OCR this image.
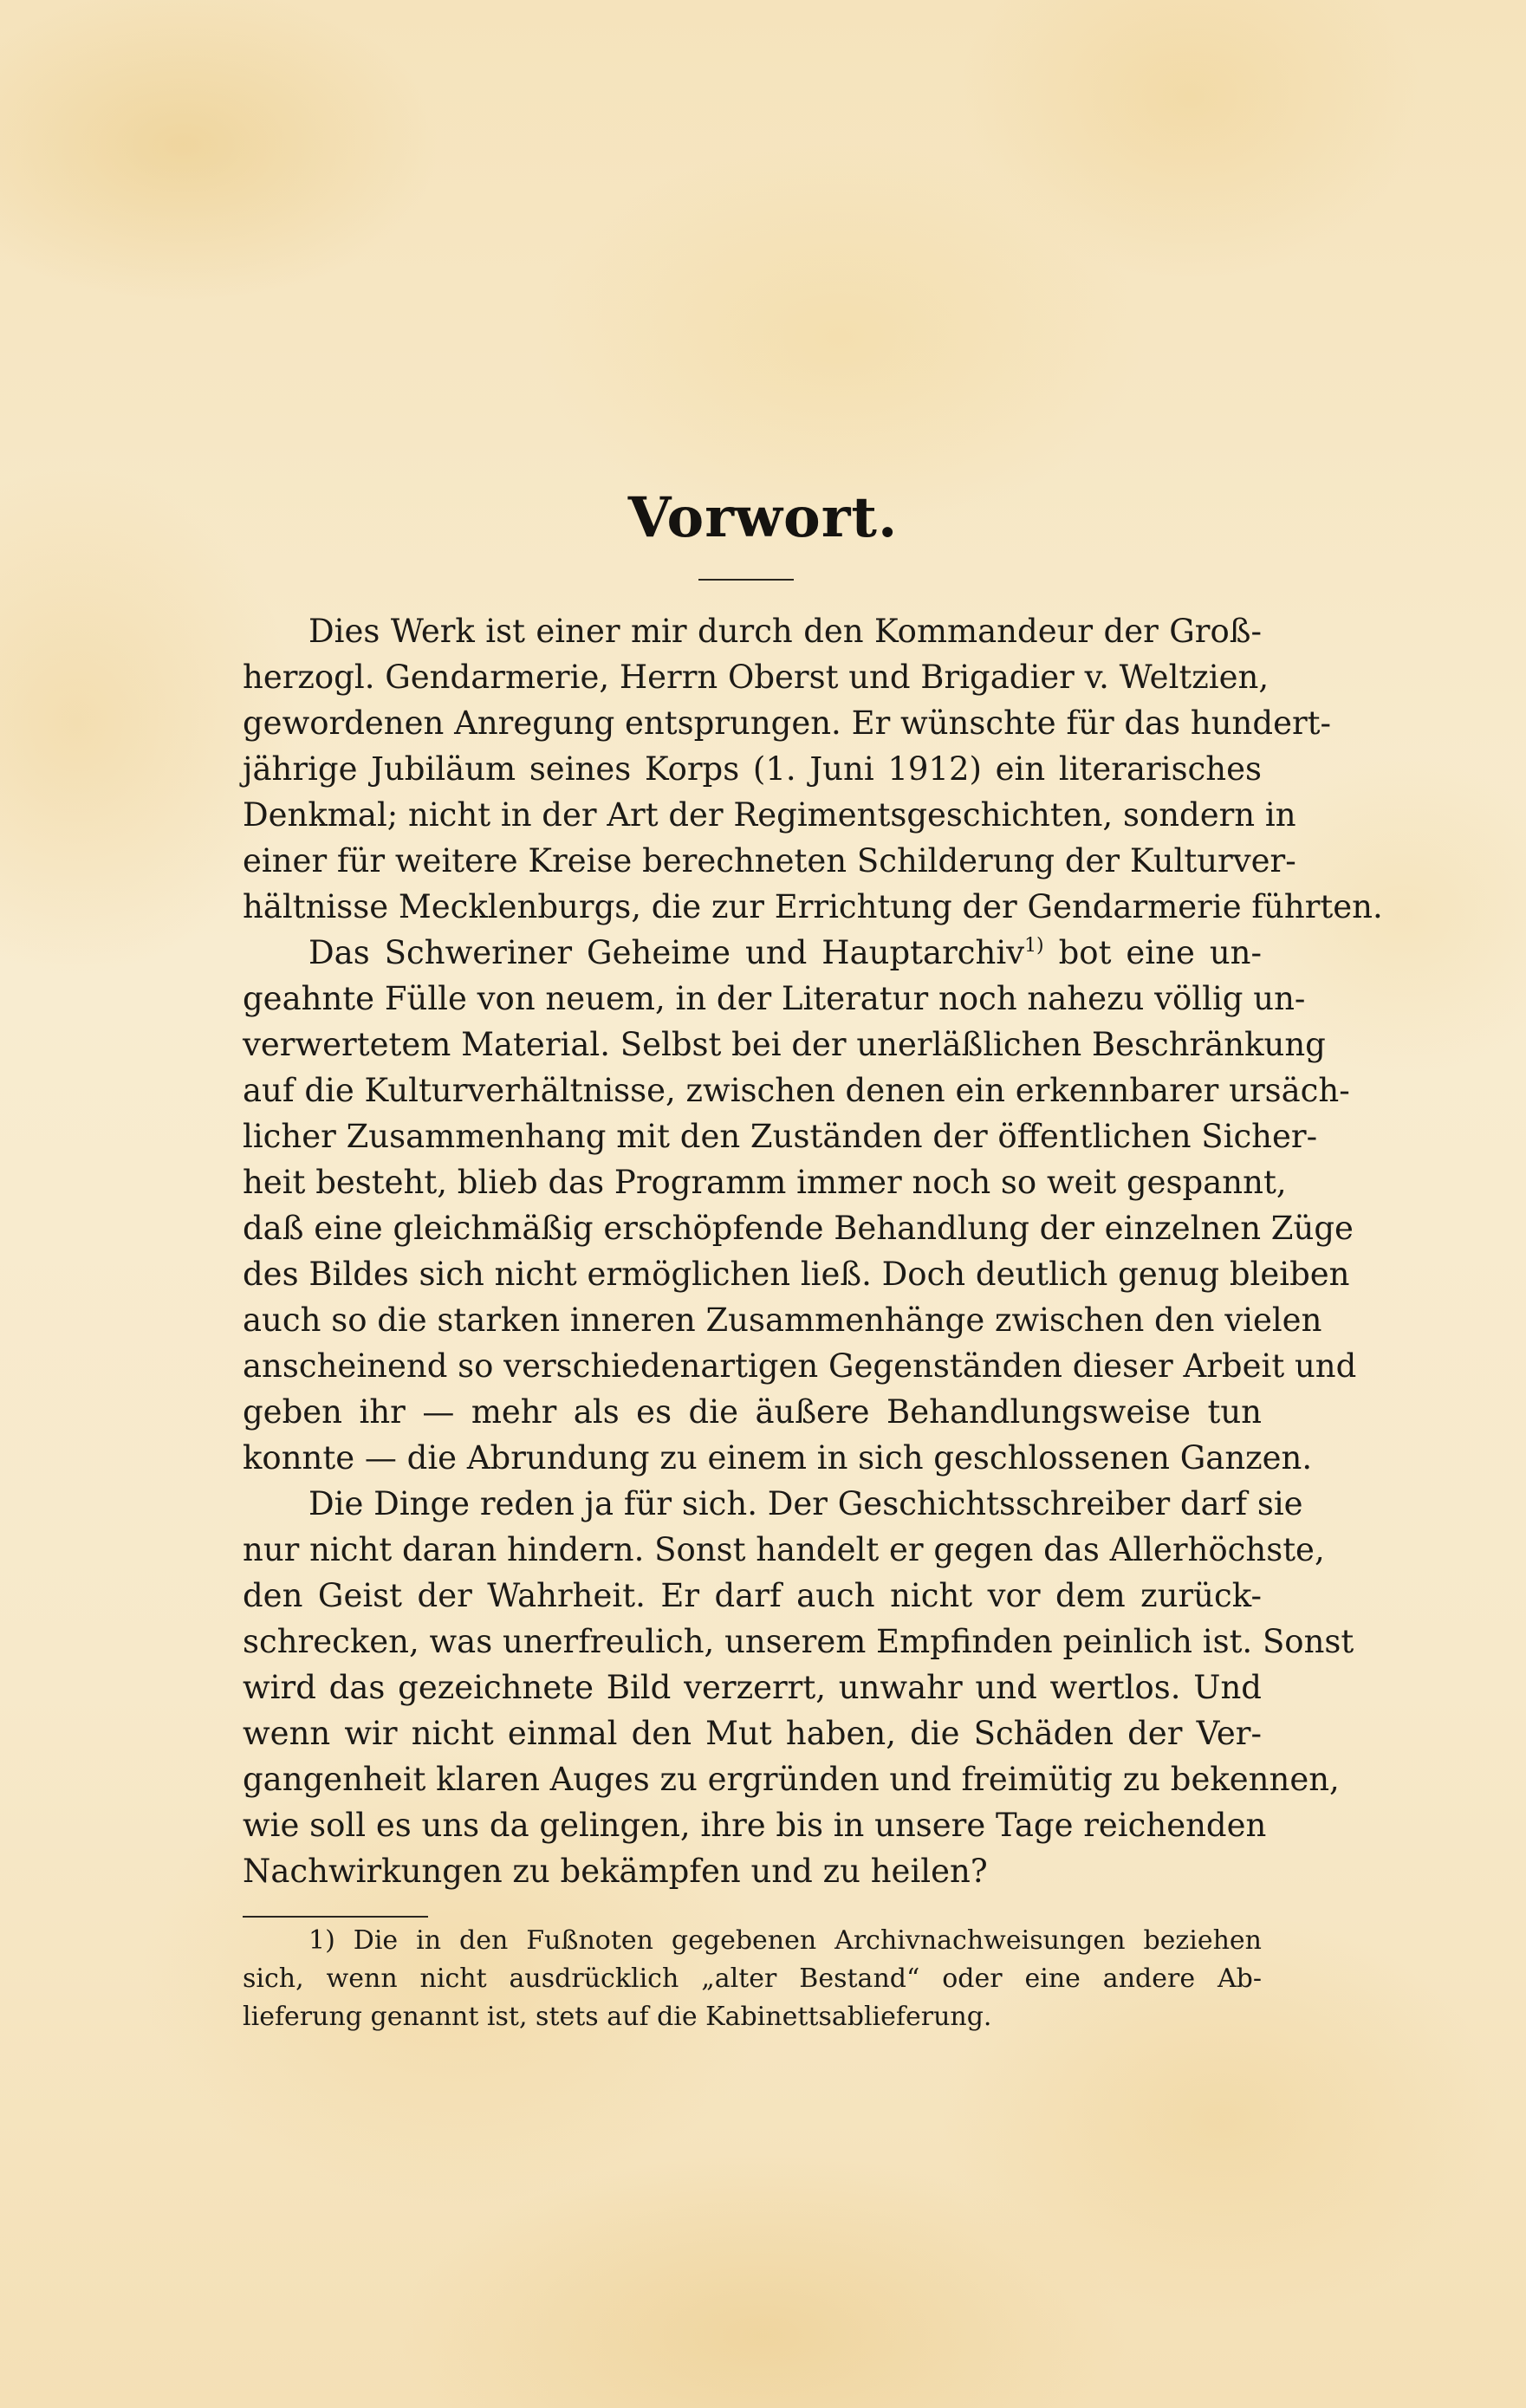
Vorwort.
Dies Werk ist einer mir durch den Kommandeur der Groß-
herzogl. Gendarmerie, Herrn Oberst und Brigadier v. Weltzien,
gewordenen Anregung entsprungen. Er wünschte für das hundert-
jährige Jubiläum seines Korps (1. Juni 1912) ein literarisches
Denkmal; nicht in der Art der Regimentsgeschichten, sondern in
einer für weitere Kreise berechneten Schilderung der Kulturver-
hältnisse Mecklenburgs, die zur Errichtung der Gendarmerie führten.
Das Schweriner Geheime und Hauptarchiv$^{1)}$ bot eine un-
geahnte Fülle von neuem, in der Literatur noch nahezu völlig un-
verwertetem Material. Selbst bei der unerläßlichen Beschränkung
auf die Kulturverhältnisse, zwischen denen ein erkennbarer ursäch-
licher Zusammenhang mit den Zuständen der öffentlichen Sicher-
heit besteht, blieb das Programm immer noch so weit gespannt,
daß eine gleichmäßig erschöpfende Behandlung der einzelnen Züge
des Bildes sich nicht ermöglichen ließ. Doch deutlich genug bleiben
auch so die starken inneren Zusammenhänge zwischen den vielen
anscheinend so verschiedenartigen Gegenständen dieser Arbeit und
geben ihr — mehr als es die äußere Behandlungsweise tun
konnte — die Abrundung zu einem in sich geschlossenen Ganzen.
Die Dinge reden ja für sich. Der Geschichtsschreiber darf sie
nur nicht daran hindern. Sonst handelt er gegen das Allerhöchste,
den Geist der Wahrheit. Er darf auch nicht vor dem zurück-
schrecken, was unerfreulich, unserem Empfinden peinlich ist. Sonst
wird das gezeichnete Bild verzerrt, unwahr und wertlos. Und
wenn wir nicht einmal den Mut haben, die Schäden der Ver-
gangenheit klaren Auges zu ergründen und freimütig zu bekennen,
wie soll es uns da gelingen, ihre bis in unsere Tage reichenden
Nachwirkungen zu bekämpfen und zu heilen?
1) Die in den Fußnoten gegebenen Archivnachweisungen beziehen
sich, wenn nicht ausdrücklich „alter Bestand“ oder eine andere Ab-
lieferung genannt ist, stets auf die Kabinettsablieferung.
